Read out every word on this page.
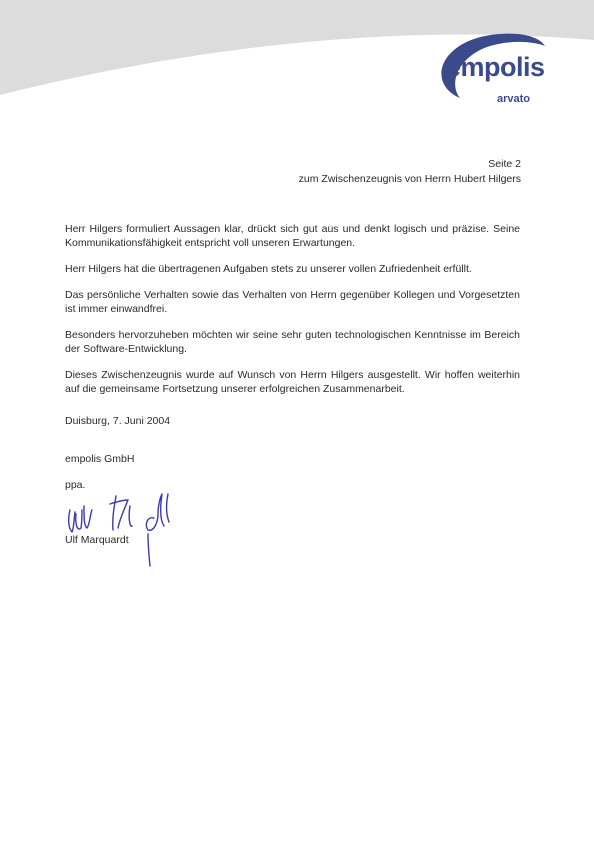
empolis
arvato
Seite 2
zum Zwischenzeugnis von Herrn Hubert Hilgers

Herr Hilgers formuliert Aussagen klar, drückt sich gut aus und denkt logisch und präzise. Seine Kommunikationsfähigkeit entspricht voll unseren Erwartungen.

Herr Hilgers hat die übertragenen Aufgaben stets zu unserer vollen Zufriedenheit erfüllt.

Das persönliche Verhalten sowie das Verhalten von Herrn gegenüber Kollegen und Vorgesetzten ist immer einwandfrei.

Besonders hervorzuheben möchten wir seine sehr guten technologischen Kenntnisse im Bereich der Software-Entwicklung.

Dieses Zwischenzeugnis wurde auf Wunsch von Herrn Hilgers ausgestellt. Wir hoffen weiterhin auf die gemeinsame Fortsetzung unserer erfolgreichen Zusammenarbeit.

Duisburg, 7. Juni 2004
empolis GmbH
ppa.
Ulf Marquardt
